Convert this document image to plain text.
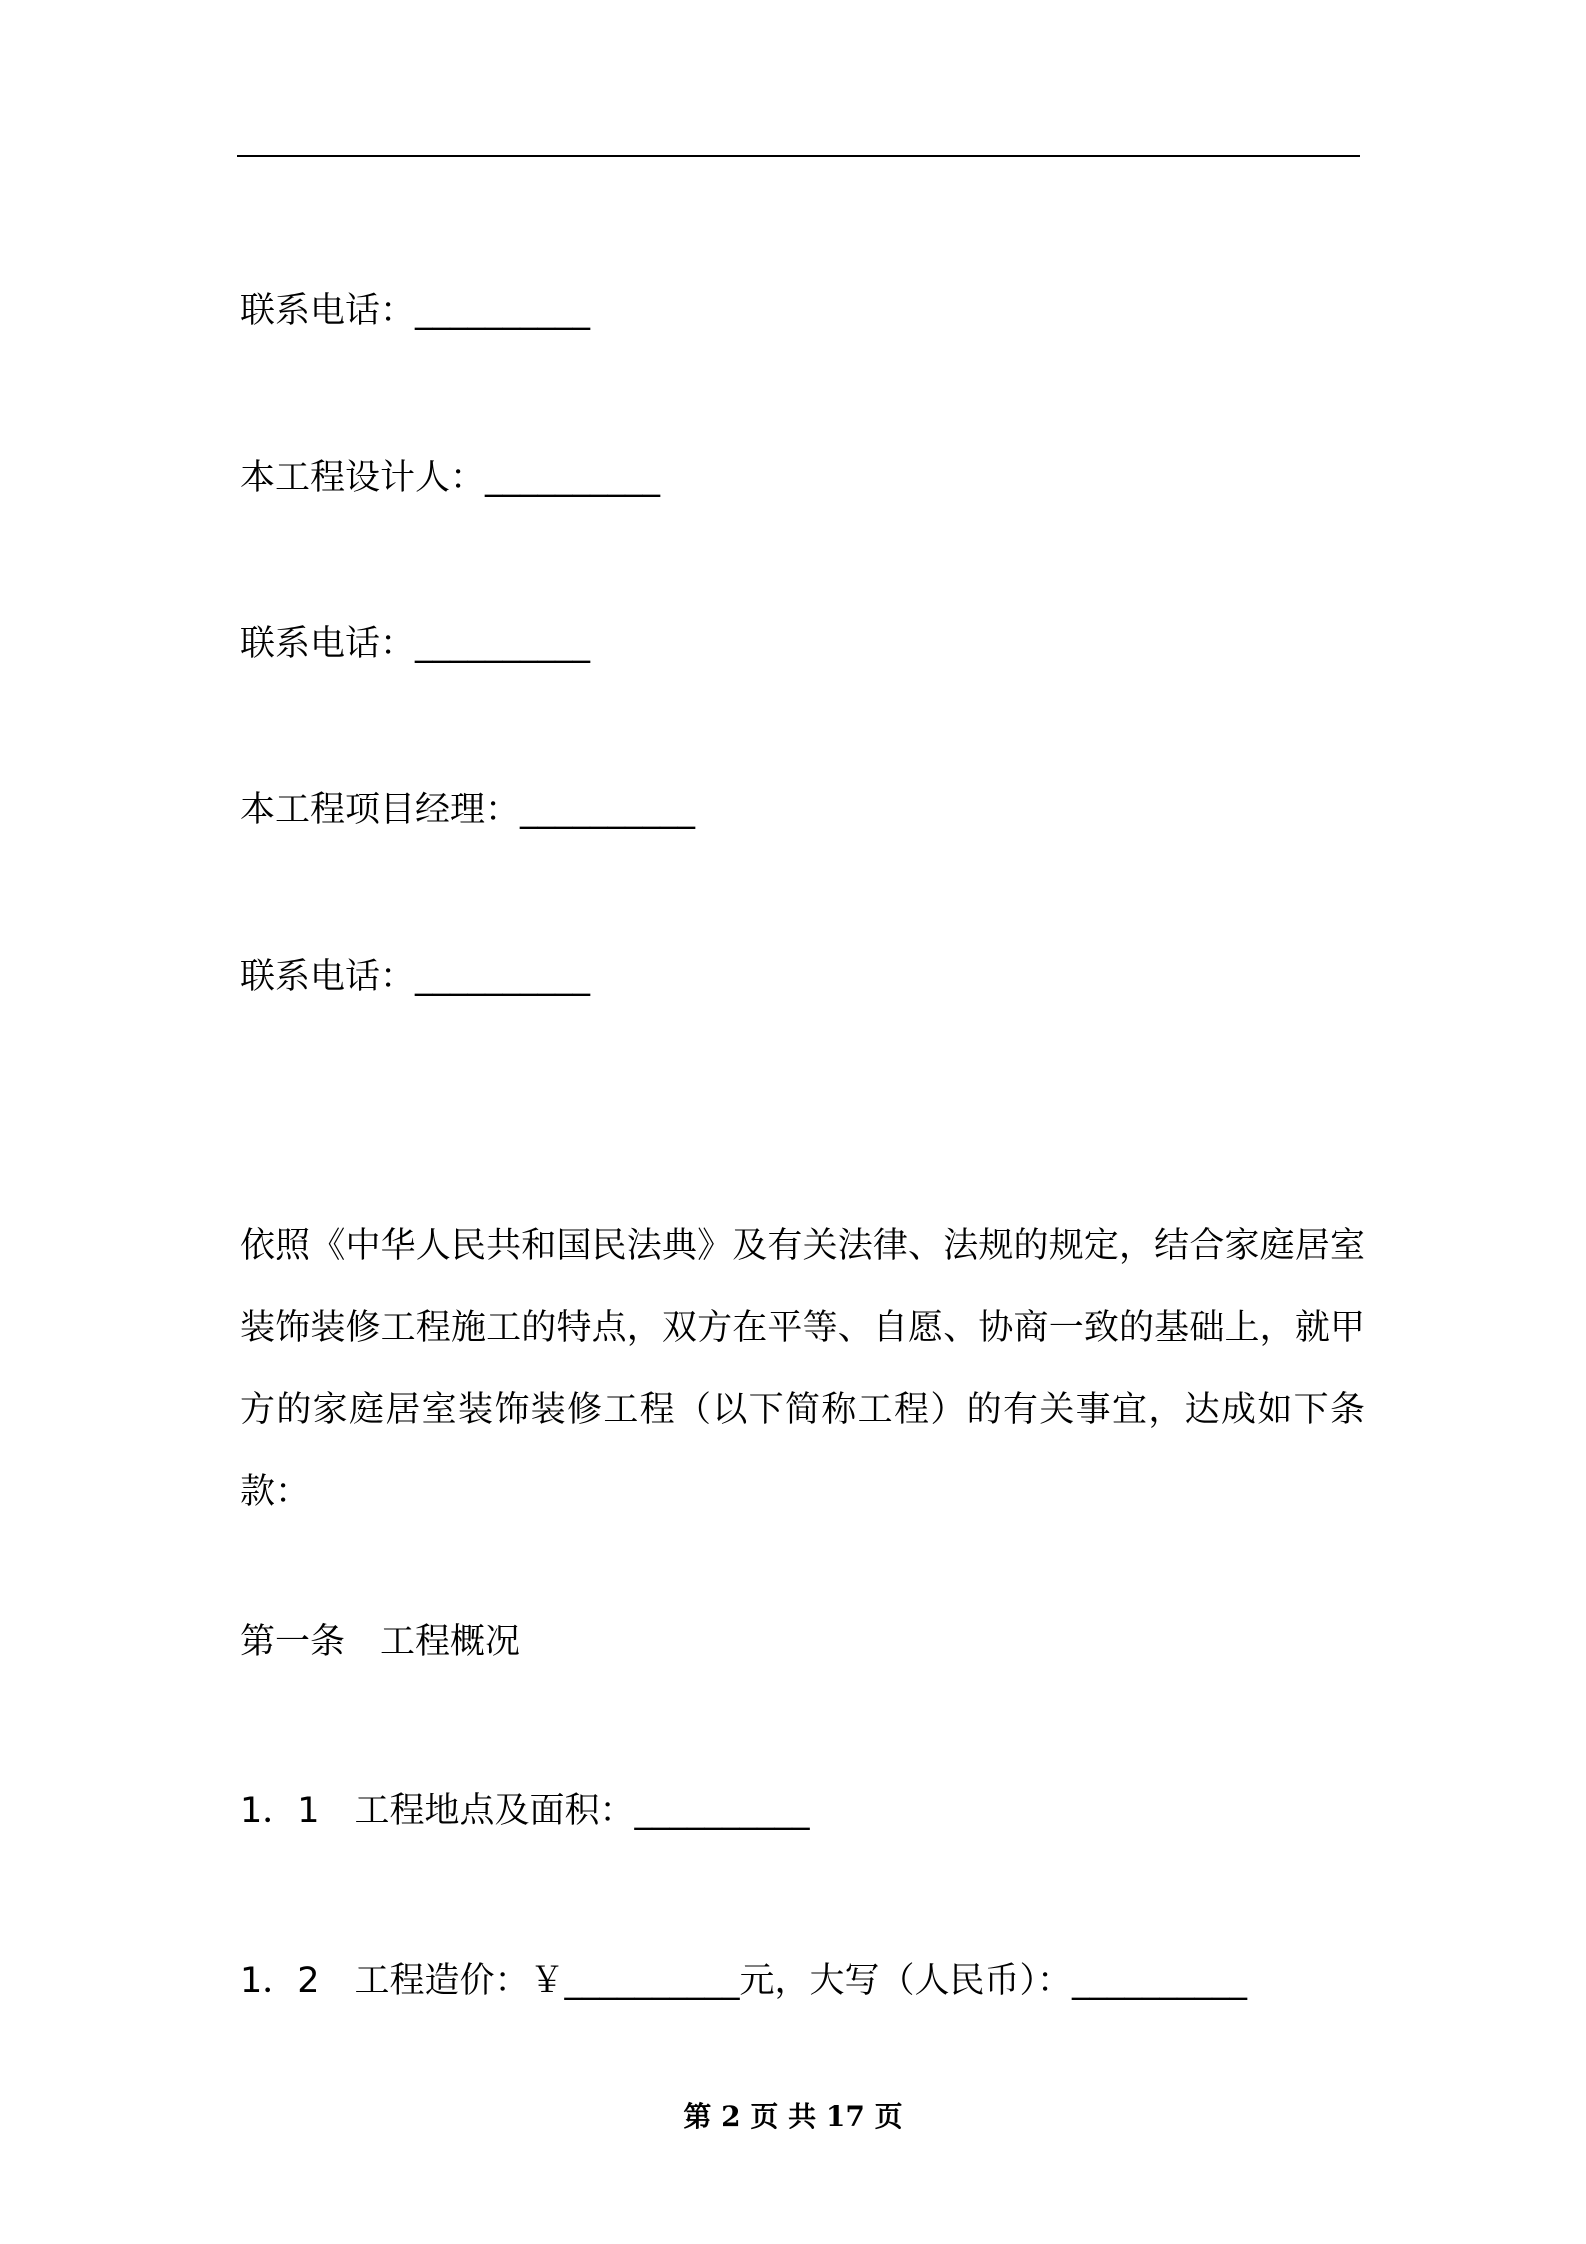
联系电话：__________
本工程设计人：__________
联系电话：__________
本工程项目经理：__________
联系电话：__________
依照《中华人民共和国民法典》及有关法律、法规的规定，结合家庭居室装饰装修工程施工的特点，双方在平等、自愿、协商一致的基础上，就甲方的家庭居室装饰装修工程（以下简称工程）的有关事宜，达成如下条款：
第一条　工程概况
1．1　工程地点及面积：__________
1．2　工程造价：￥__________元，大写（人民币）：__________
第 2 页 共 17 页
